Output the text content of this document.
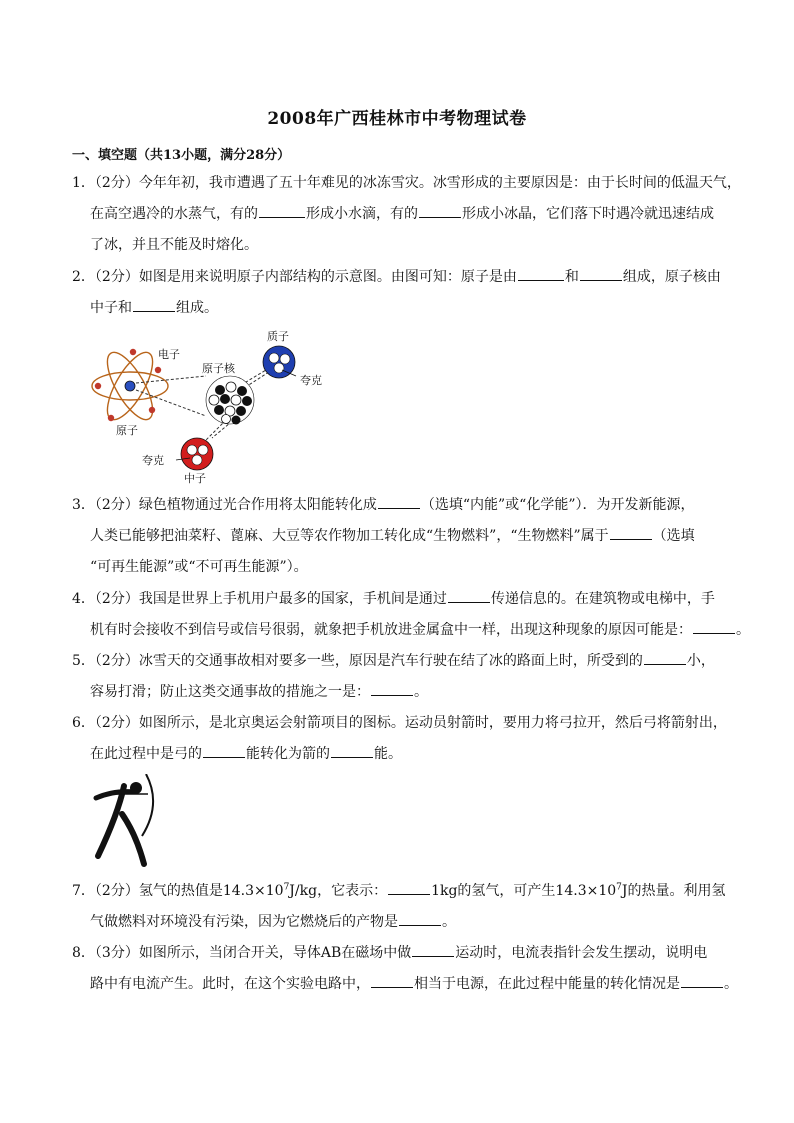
2008年广西桂林市中考物理试卷
一、填空题（共13小题，满分28分）
1．（2分）今年年初，我市遭遇了五十年难见的冰冻雪灾。冰雪形成的主要原因是：由于长时间的低温天气，
在高空遇冷的水蒸气，有的	形成小水滴，有的	形成小冰晶，它们落下时遇冷就迅速结成
了冰，并且不能及时熔化。
2．（2分）如图是用来说明原子内部结构的示意图。由图可知：原子是由	和	组成，原子核由
中子和	组成。
电子
原子核
质子
夸克
原子
夸克
中子
3．（2分）绿色植物通过光合作用将太阳能转化成	（选填“内能”或“化学能”）．为开发新能源，
人类已能够把油菜籽、蓖麻、大豆等农作物加工转化成“生物燃料”，“生物燃料”属于	（选填
“可再生能源”或“不可再生能源”）。
4．（2分）我国是世界上手机用户最多的国家，手机间是通过	传递信息的。在建筑物或电梯中，手
机有时会接收不到信号或信号很弱，就象把手机放进金属盒中一样，出现这种现象的原因可能是：	。
5．（2分）冰雪天的交通事故相对要多一些，原因是汽车行驶在结了冰的路面上时，所受到的	小，
容易打滑；防止这类交通事故的措施之一是：	。
6．（2分）如图所示，是北京奥运会射箭项目的图标。运动员射箭时，要用力将弓拉开，然后弓将箭射出，
在此过程中是弓的	能转化为箭的	能。
7．（2分）氢气的热值是$14.3\times 10^7J/kg$，它表示：	1kg的氢气，可产生$14.3\times 10^7J$的热量。利用氢
气做燃料对环境没有污染，因为它燃烧后的产物是	。
8．（3分）如图所示，当闭合开关，导体AB在磁场中做	运动时，电流表指针会发生摆动，说明电
路中有电流产生。此时，在这个实验电路中，	相当于电源，在此过程中能量的转化情况是	。
